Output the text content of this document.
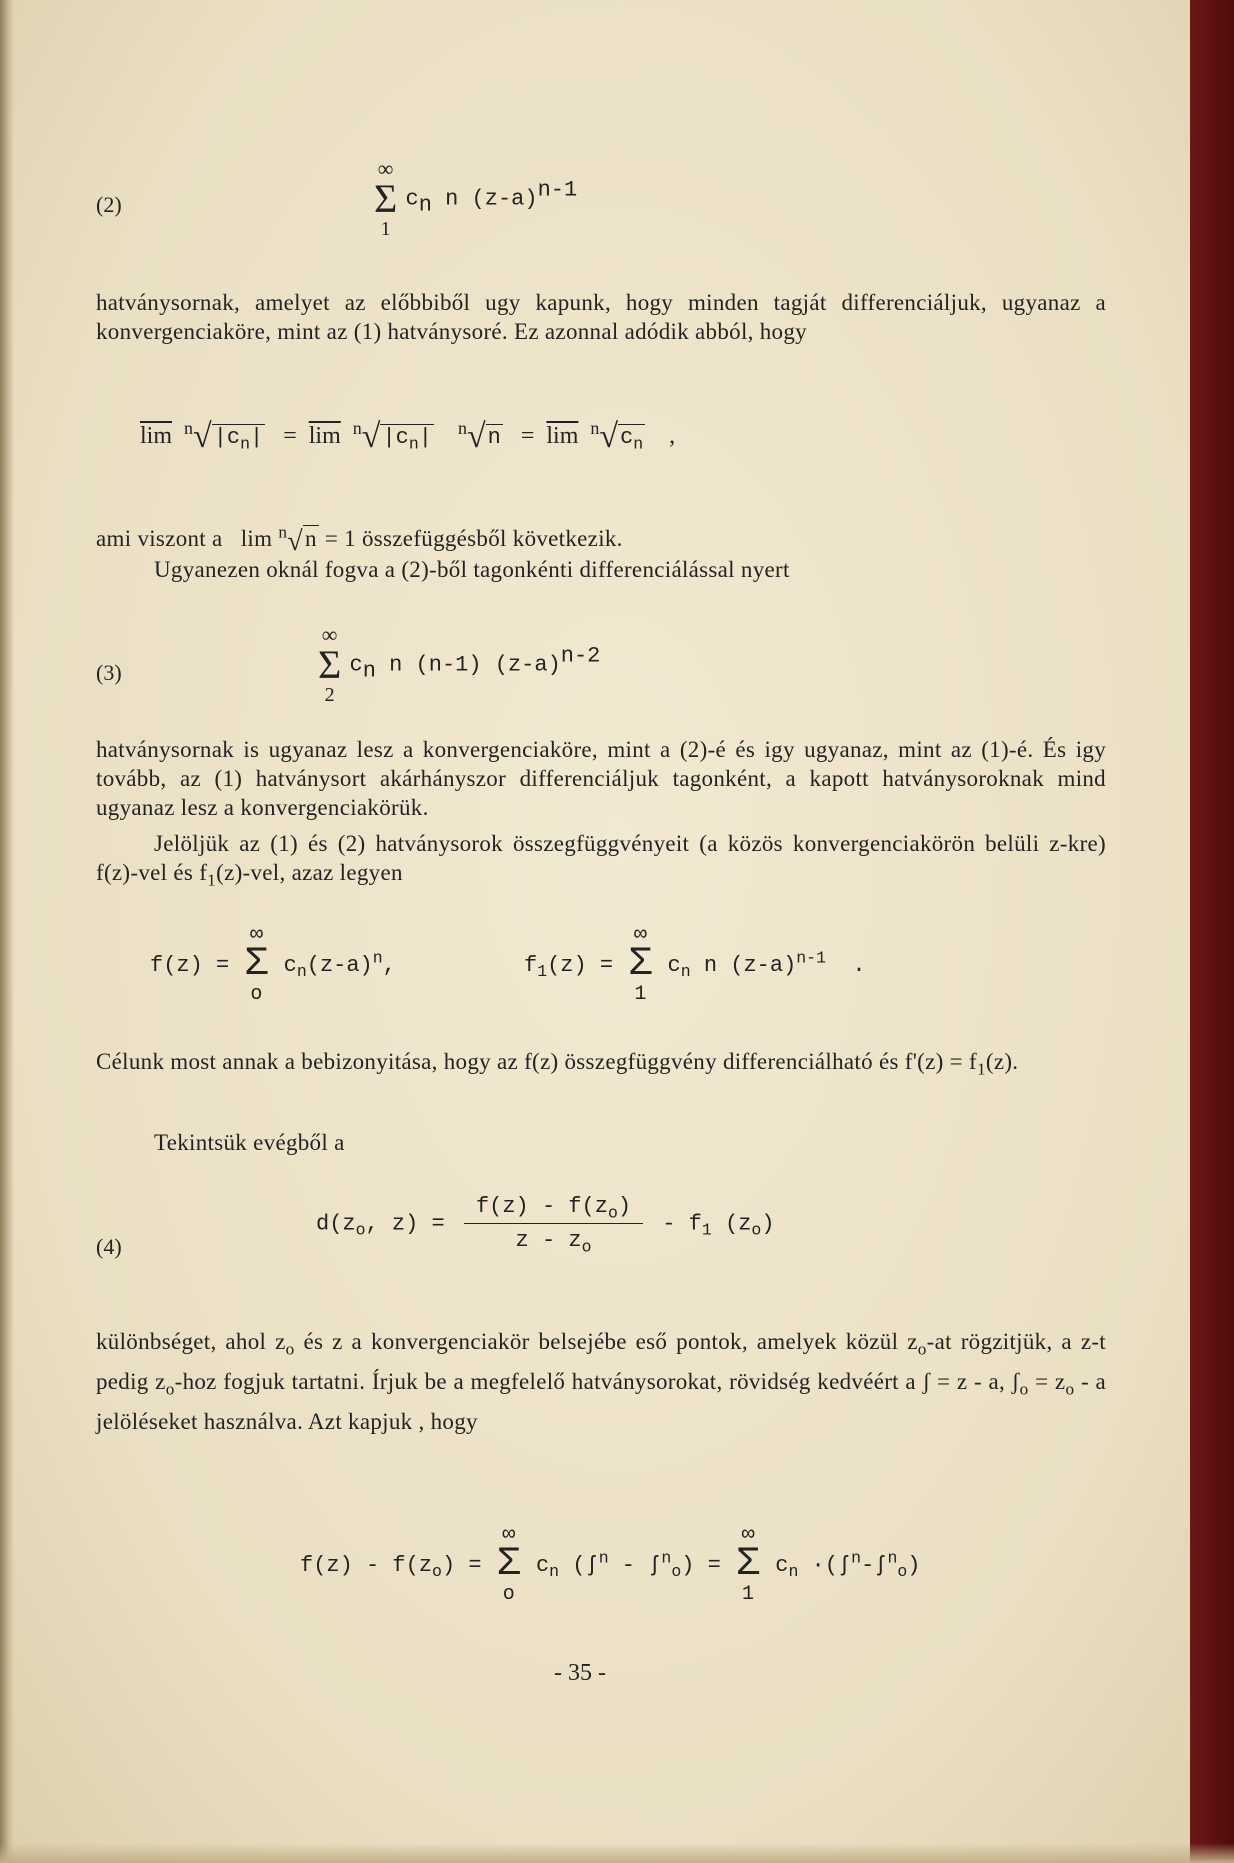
(2)
∞
Σ
1
$c_n$ n $(z-a)^{n-1}$

hatványsornak, amelyet az előbbiből ugy kapunk, hogy minden tagját differenciáljuk, ugyanaz a konvergenciaköre, mint az (1) hatványsoré. Ez azonnal adódik abból, hogy

$\overline{lim}$ $^n√|c_n| = \overline{lim}$ $^n√|c_n|$ $^n√n = \overline{lim}$ $^n√c_n$ ,

ami viszont a lim $^n$√n = 1 összefüggésből következik.

Ugyanezen oknál fogva a (2)-ből tagonkénti differenciálással nyert

(3)
∞
Σ
2
$c_n$ n (n-1) $(z-a)^{n-2}$

hatványsornak is ugyanaz lesz a konvergenciaköre, mint a (2)-é és igy ugyanaz, mint az (1)-é. És igy tovább, az (1) hatványsort akárhányszor differenciáljuk tagonként, a kapott hatványsoroknak mind ugyanaz lesz a konvergenciakörük.

Jelöljük az (1) és (2) hatványsorok összegfüggvényeit (a közös konvergenciakörön belüli z-kre) f(z)-vel és $f_1(z)$-vel, azaz legyen

f(z) =
∞
Σ
o
$c_n(z-a)^n$,	$f_1(z)$ =
∞
Σ
1
$c_n$ n $(z-a)^{n-1}$ .

Célunk most annak a bebizonyitása, hogy az f(z) összegfüggvény differenciálható és $f'(z) = f_1(z)$.

Tekintsük evégből a

(4)
$d(z_o$, $z) = \frac{f(z) - f(z_o)}{z - z_o} - f_1$ $(z_o)$

különbséget, ahol $z_o$ és z a konvergenciakör belsejébe eső pontok, amelyek közül $z_o-at$ rögzitjük, a z-t pedig $z_o$-hoz fogjuk tartatni. Írjuk be a megfelelő hatványsorokat, rövidség kedvéért a ʃ = z - a, ʃ$_o$ = $z_o$ - a jelöléseket használva. Azt kapjuk , hogy

$f(z) - f(z_o)$ =
∞
Σ
o
$c_n$ (ʃ$^n$ - ʃ$^n_o$) =
∞
Σ
1
$c_n$ ·(ʃ$^n$-ʃ$^n_o$)
- 35 -
